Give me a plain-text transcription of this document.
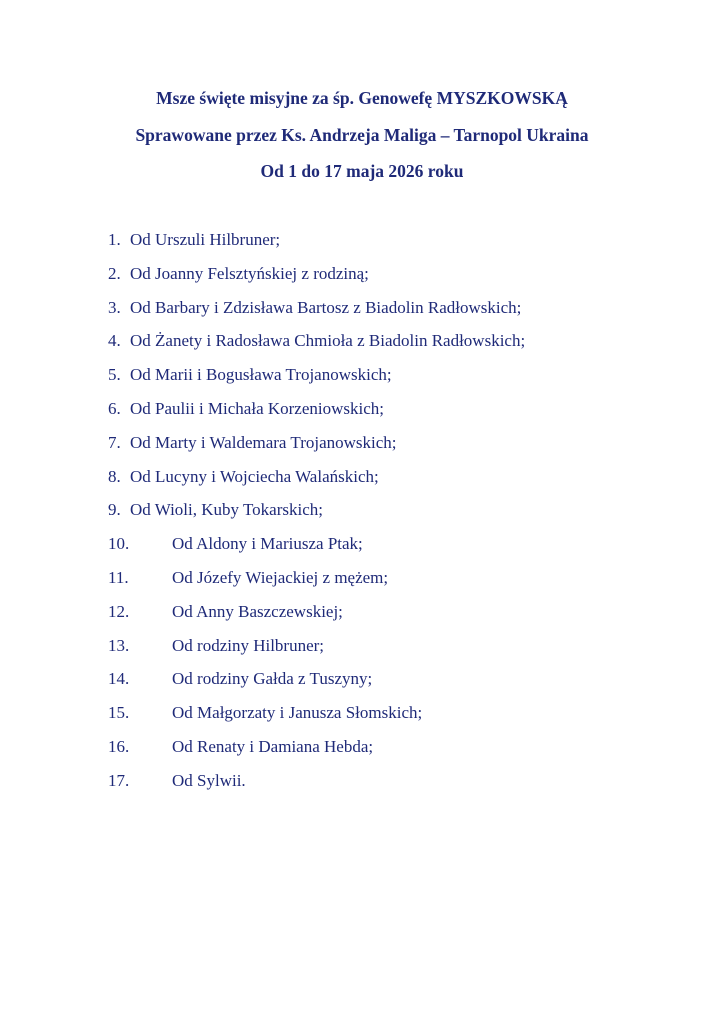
Msze święte misyjne za śp. Genowefę MYSZKOWSKĄ
Sprawowane przez Ks. Andrzeja Maliga – Tarnopol Ukraina
Od 1 do 17 maja 2026 roku
1. Od Urszuli Hilbruner;
2. Od Joanny Felsztyńskiej z rodziną;
3. Od Barbary i Zdzisława Bartosz z Biadolin Radłowskich;
4. Od Żanety i Radosława Chmioła z Biadolin Radłowskich;
5. Od Marii i Bogusława Trojanowskich;
6. Od Paulii i Michała Korzeniowskich;
7. Od Marty i Waldemara Trojanowskich;
8. Od Lucyny i Wojciecha Walańskich;
9. Od Wioli, Kuby Tokarskich;
10.	Od Aldony i Mariusza Ptak;
11.	Od Józefy Wiejackiej z mężem;
12.	Od Anny Baszczewskiej;
13.	Od rodziny Hilbruner;
14.	Od rodziny Gałda z Tuszyny;
15.	Od Małgorzaty i Janusza Słomskich;
16.	Od Renaty i Damiana Hebda;
17.	Od Sylwii.
